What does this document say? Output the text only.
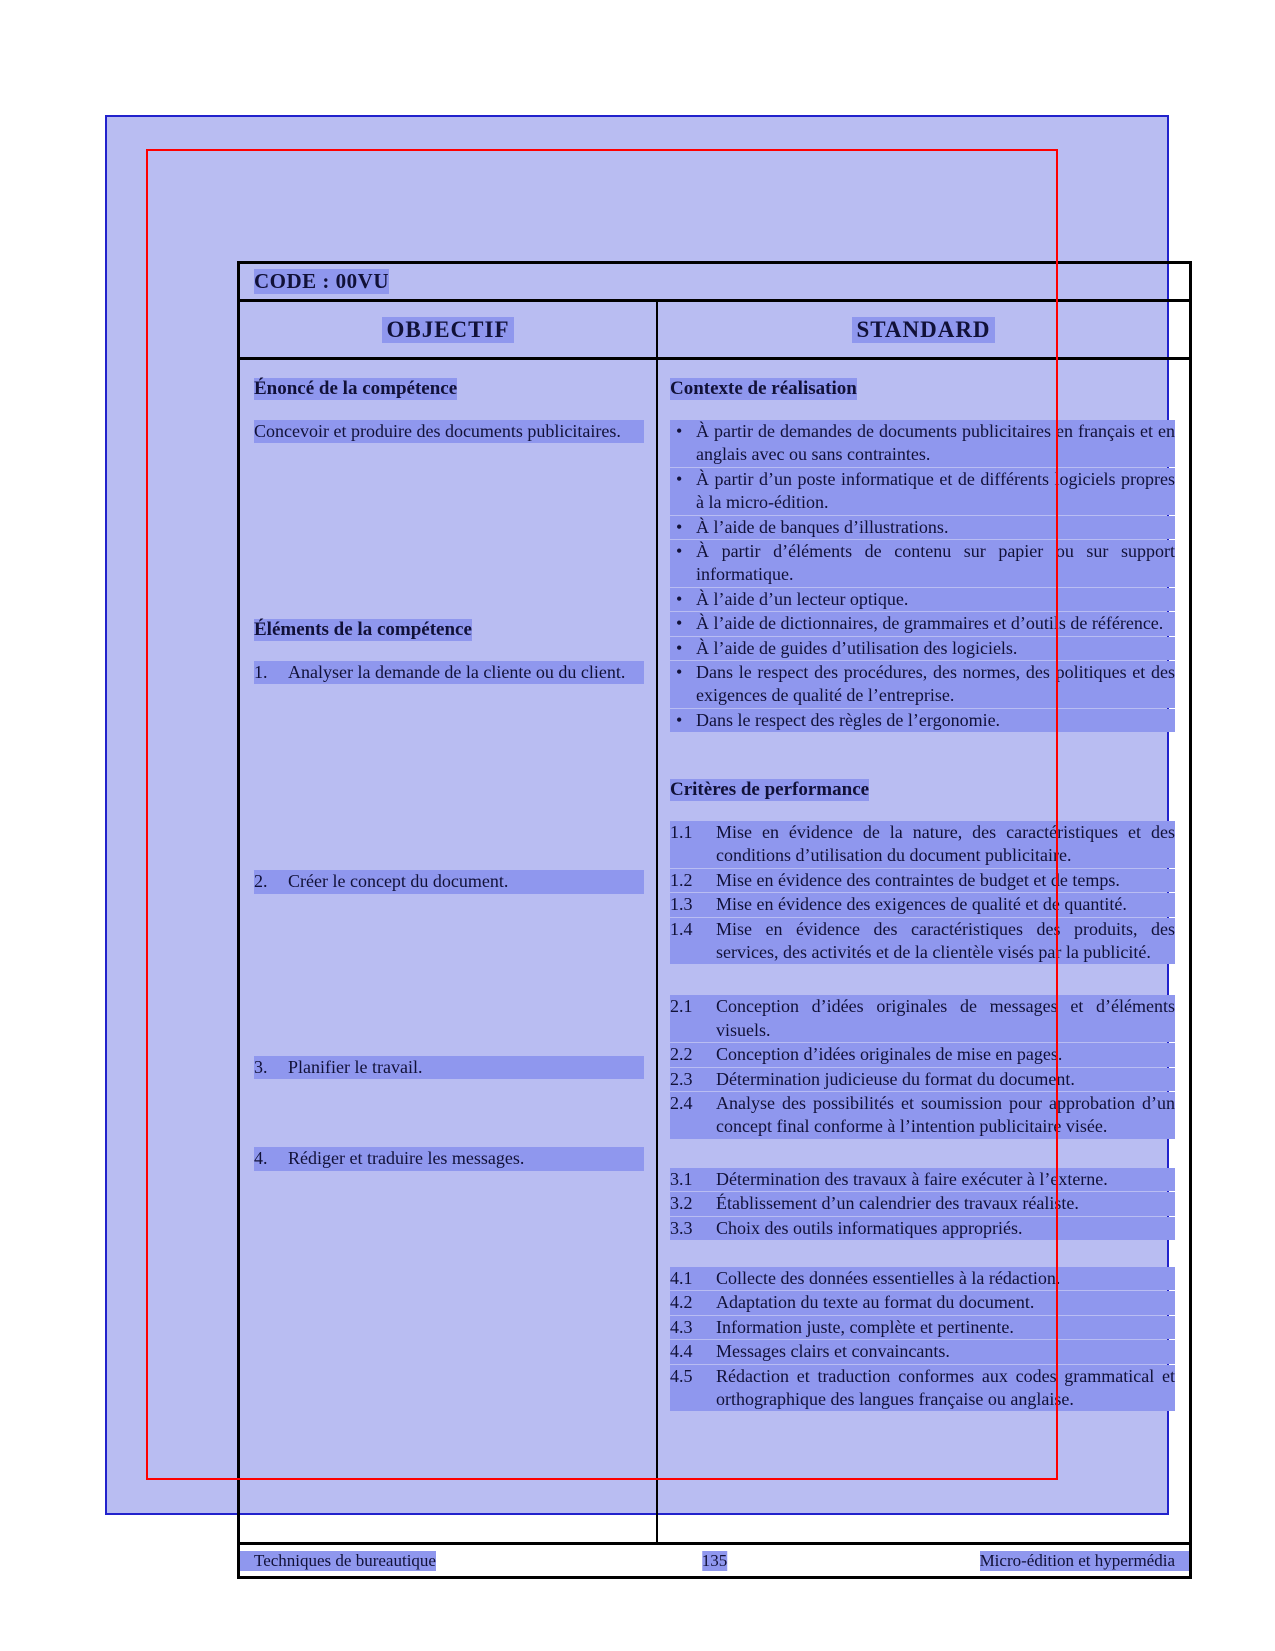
CODE : 00VU
OBJECTIF	STANDARD
Énoncé de la compétence
Concevoir et produire des documents publicitaires.
Éléments de la compétence
1.	Analyser la demande de la cliente ou du client.
2.	Créer le concept du document.
3.	Planifier le travail.
4.	Rédiger et traduire les messages.
Contexte de réalisation
• À partir de demandes de documents publicitaires en français et en anglais avec ou sans contraintes.
• À partir d’un poste informatique et de différents logiciels propres à la micro-édition.
• À l’aide de banques d’illustrations.
• À partir d’éléments de contenu sur papier ou sur support informatique.
• À l’aide d’un lecteur optique.
• À l’aide de dictionnaires, de grammaires et d’outils de référence.
• À l’aide de guides d’utilisation des logiciels.
• Dans le respect des procédures, des normes, des politiques et des exigences de qualité de l’entreprise.
• Dans le respect des règles de l’ergonomie.
Critères de performance
1.1	Mise en évidence de la nature, des caractéristiques et des conditions d’utilisation du document publicitaire.
1.2	Mise en évidence des contraintes de budget et de temps.
1.3	Mise en évidence des exigences de qualité et de quantité.
1.4	Mise en évidence des caractéristiques des produits, des services, des activités et de la clientèle visés par la publicité.
2.1	Conception d’idées originales de messages et d’éléments visuels.
2.2	Conception d’idées originales de mise en pages.
2.3	Détermination judicieuse du format du document.
2.4	Analyse des possibilités et soumission pour approbation d’un concept final conforme à l’intention publicitaire visée.
3.1	Détermination des travaux à faire exécuter à l’externe.
3.2	Établissement d’un calendrier des travaux réaliste.
3.3	Choix des outils informatiques appropriés.
4.1	Collecte des données essentielles à la rédaction.
4.2	Adaptation du texte au format du document.
4.3	Information juste, complète et pertinente.
4.4	Messages clairs et convaincants.
4.5	Rédaction et traduction conformes aux codes grammatical et orthographique des langues française ou anglaise.
Techniques de bureautique	135	Micro-édition et hypermédia
